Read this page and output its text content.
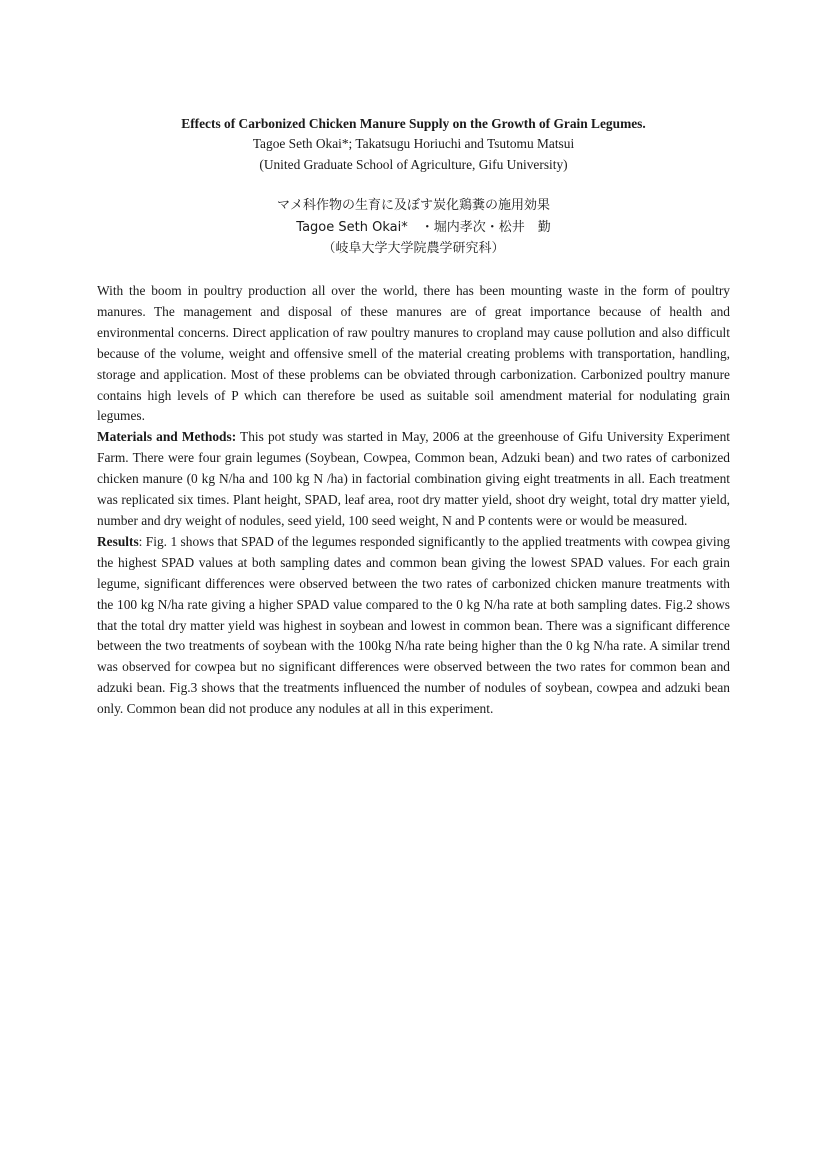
Effects of Carbonized Chicken Manure Supply on the Growth of Grain Legumes.
Tagoe Seth Okai*; Takatsugu Horiuchi and Tsutomu Matsui
(United Graduate School of Agriculture, Gifu University)
マメ科作物の生育に及ぼす炭化鶏糞の施用効果
Tagoe Seth Okai*　・堀内孝次・松井　勤
（岐阜大学大学院農学研究科）

With the boom in poultry production all over the world, there has been mounting waste in the form of poultry manures. The management and disposal of these manures are of great importance because of health and environmental concerns. Direct application of raw poultry manures to cropland may cause pollution and also difficult because of the volume, weight and offensive smell of the material creating problems with transportation, handling, storage and application. Most of these problems can be obviated through carbonization. Carbonized poultry manure contains high levels of P which can therefore be used as suitable soil amendment material for nodulating grain legumes.

Materials and Methods: This pot study was started in May, 2006 at the greenhouse of Gifu University Experiment Farm. There were four grain legumes (Soybean, Cowpea, Common bean, Adzuki bean) and two rates of carbonized chicken manure (0 kg N/ha and 100 kg N /ha) in factorial combination giving eight treatments in all. Each treatment was replicated six times. Plant height, SPAD, leaf area, root dry matter yield, shoot dry weight, total dry matter yield, number and dry weight of nodules, seed yield, 100 seed weight, N and P contents were or would be measured.

Results: Fig. 1 shows that SPAD of the legumes responded significantly to the applied treatments with cowpea giving the highest SPAD values at both sampling dates and common bean giving the lowest SPAD values. For each grain legume, significant differences were observed between the two rates of carbonized chicken manure treatments with the 100 kg N/ha rate giving a higher SPAD value compared to the 0 kg N/ha rate at both sampling dates. Fig.2 shows that the total dry matter yield was highest in soybean and lowest in common bean. There was a significant difference between the two treatments of soybean with the 100kg N/ha rate being higher than the 0 kg N/ha rate. A similar trend was observed for cowpea but no significant differences were observed between the two rates for common bean and adzuki bean. Fig.3 shows that the treatments influenced the number of nodules of soybean, cowpea and adzuki bean only. Common bean did not produce any nodules at all in this experiment.
